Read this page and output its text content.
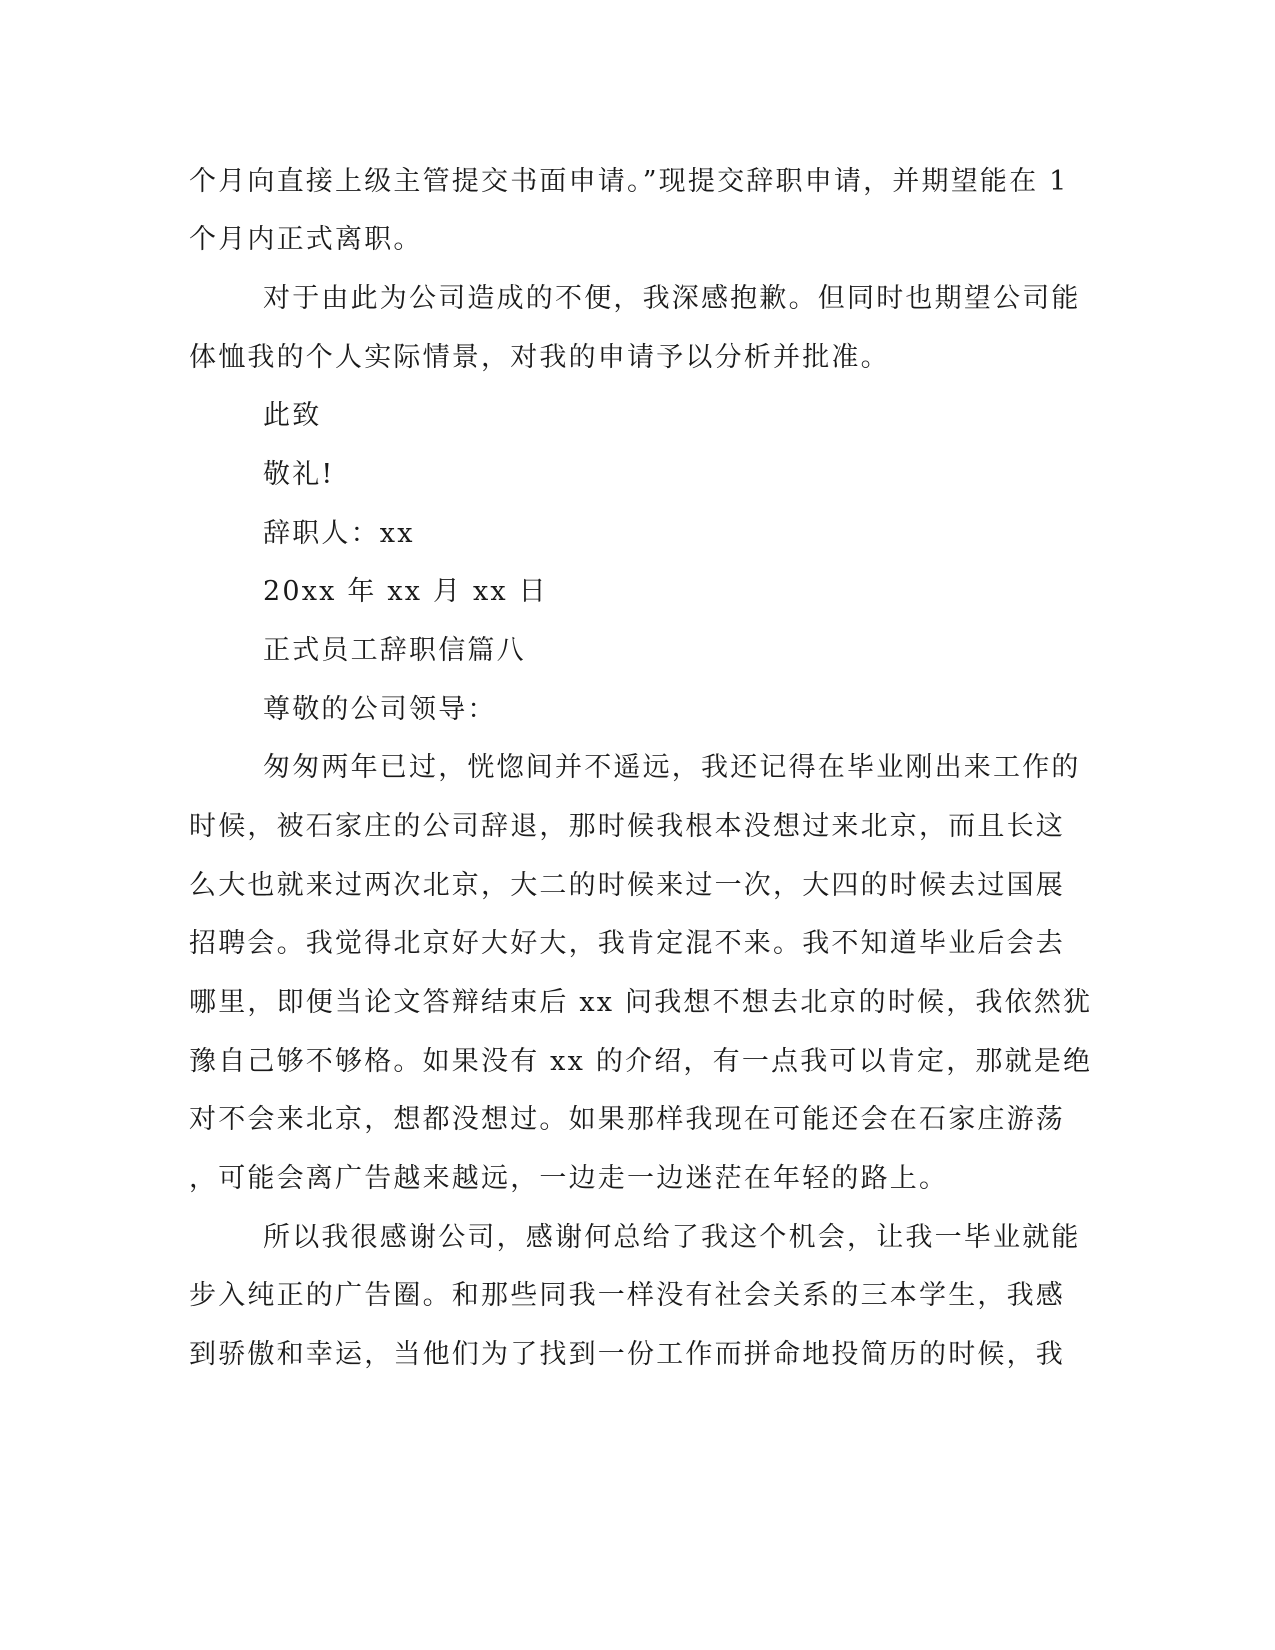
个月向直接上级主管提交书面申请。”现提交辞职申请，并期望能在 1
个月内正式离职。
对于由此为公司造成的不便，我深感抱歉。但同时也期望公司能
体恤我的个人实际情景，对我的申请予以分析并批准。
此致
敬礼!
辞职人：xx
20xx 年 xx 月 xx 日
正式员工辞职信篇八
尊敬的公司领导：
匆匆两年已过，恍惚间并不遥远，我还记得在毕业刚出来工作的
时候，被石家庄的公司辞退，那时候我根本没想过来北京，而且长这
么大也就来过两次北京，大二的时候来过一次，大四的时候去过国展
招聘会。我觉得北京好大好大，我肯定混不来。我不知道毕业后会去
哪里，即便当论文答辩结束后 xx 问我想不想去北京的时候，我依然犹
豫自己够不够格。如果没有 xx 的介绍，有一点我可以肯定，那就是绝
对不会来北京，想都没想过。如果那样我现在可能还会在石家庄游荡
，可能会离广告越来越远，一边走一边迷茫在年轻的路上。
所以我很感谢公司，感谢何总给了我这个机会，让我一毕业就能
步入纯正的广告圈。和那些同我一样没有社会关系的三本学生，我感
到骄傲和幸运，当他们为了找到一份工作而拼命地投简历的时候，我
